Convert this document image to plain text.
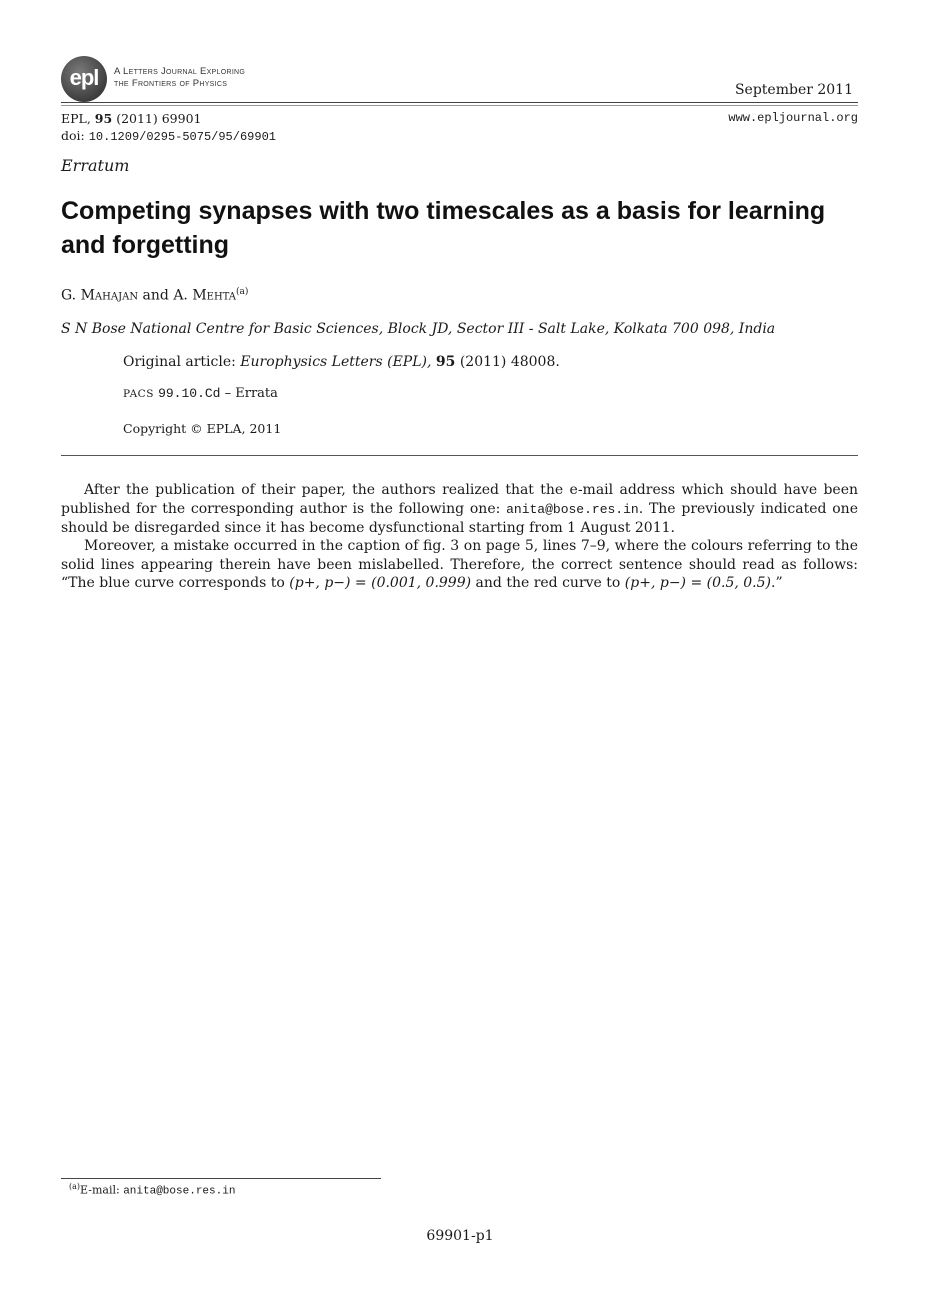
epl A Letters Journal Exploring
the Frontiers of Physics	September 2011
EPL, 95 (2011) 69901
doi: 10.1209/0295-5075/95/69901
www.epljournal.org
Erratum
Competing synapses with two timescales as a basis for learning and forgetting
G. Mahajan and A. Mehta$^{(a)}$
S N Bose National Centre for Basic Sciences, Block JD, Sector III - Salt Lake, Kolkata 700 098, India
Original article: Europhysics Letters (EPL), 95 (2011) 48008.
PACS 99.10.Cd – Errata
Copyright © EPLA, 2011
After the publication of their paper, the authors realized that the e-mail address which should have been published for the corresponding author is the following one: anita@bose.res.in. The previously indicated one should be disregarded since it has become dysfunctional starting from 1 August 2011.
Moreover, a mistake occurred in the caption of fig. 3 on page 5, lines 7–9, where the colours referring to the solid lines appearing therein have been mislabelled. Therefore, the correct sentence should read as follows: “The blue curve corresponds to (p+, p−) = (0.001, 0.999) and the red curve to (p+, p−) = (0.5, 0.5).”
$^{(a)}$E-mail: anita@bose.res.in
69901-p1
